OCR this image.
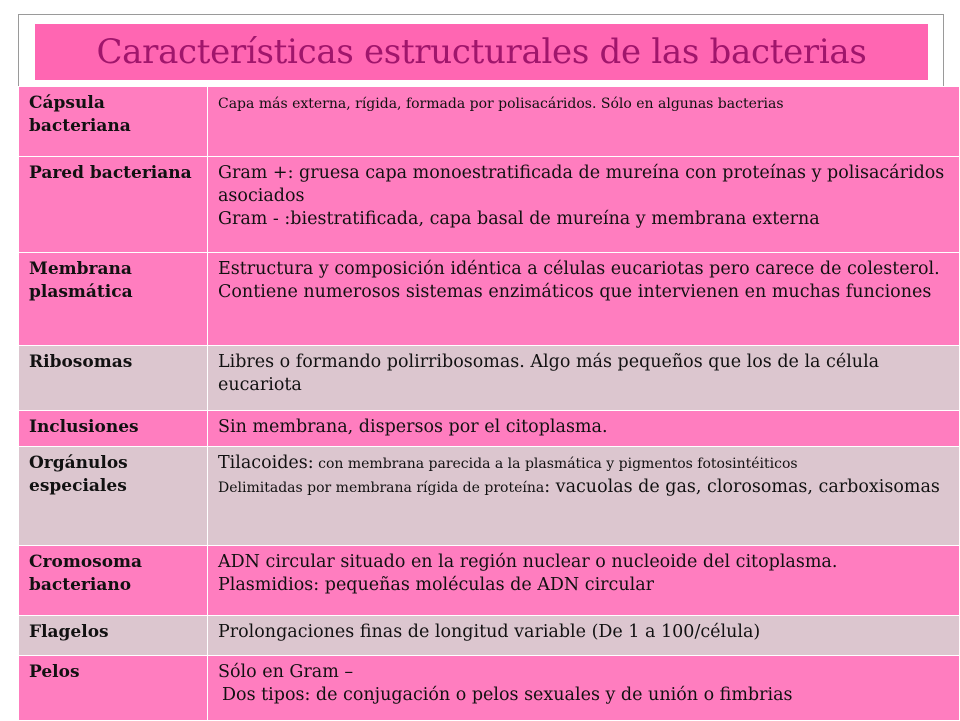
Características estructurales de las bacterias
Cápsula bacteriana	Capa más externa, rígida, formada por polisacáridos. Sólo en algunas bacterias
Pared bacteriana	Gram +: gruesa capa monoestratificada de mureína con proteínas y polisacáridos asociados
Gram - :biestratificada, capa basal de mureína y membrana externa

Membrana plasmática	Estructura y composición idéntica a células eucariotas pero carece de colesterol. Contiene numerosos sistemas enzimáticos que intervienen en muchas funciones
Ribosomas	Libres o formando polirribosomas. Algo más pequeños que los de la célula eucariota
Inclusiones	Sin membrana, dispersos por el citoplasma.
Orgánulos especiales	Tilacoides: con membrana parecida a la plasmática y pigmentos fotosintéiticos
Delimitadas por membrana rígida de proteína: vacuolas de gas, clorosomas, carboxisomas

Cromosoma bacteriano	ADN circular situado en la región nuclear o nucleoide del citoplasma.
Plasmidios: pequeñas moléculas de ADN circular

Flagelos	Prolongaciones finas de longitud variable (De 1 a 100/célula)
Pelos	Sólo en Gram –
Dos tipos: de conjugación o pelos sexuales y de unión o fimbrias
